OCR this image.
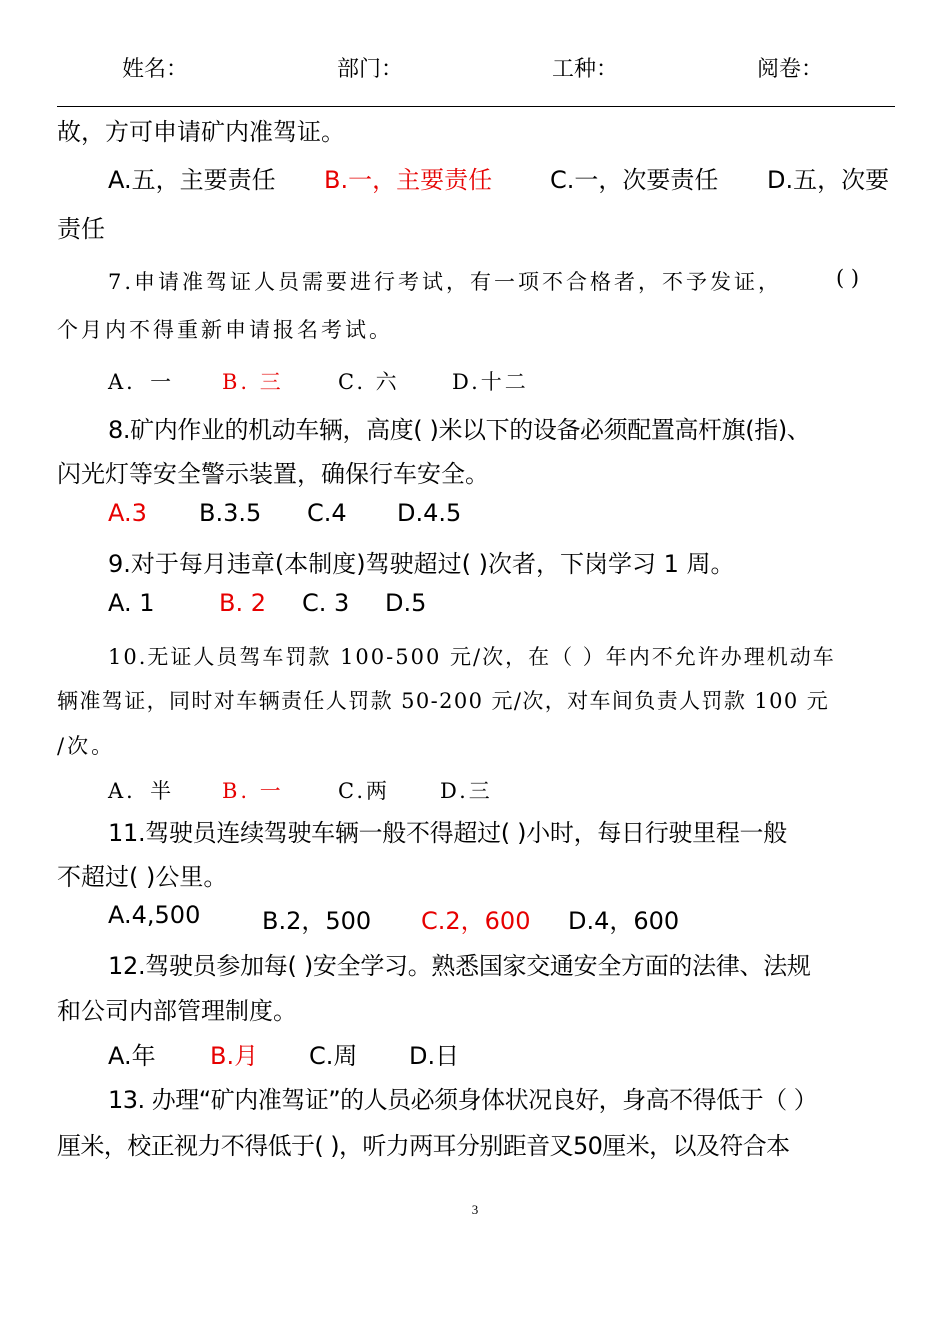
姓名：	部门：	工种：	阅卷：
故，方可申请矿内准驾证。
A.五，主要责任 B.一，主要责任 C.一，次要责任 D.五，次要
责任
7.申请准驾证人员需要进行考试，有一项不合格者，不予发证，	( )
个月内不得重新申请报名考试。
A．一 B. 三	C. 六 D.十二
8.矿内作业的机动车辆，高度( )米以下的设备必须配置高杆旗(指)、
闪光灯等安全警示装置，确保行车安全。
A.3 B.3.5 C.4 D.4.5
9.对于每月违章(本制度)驾驶超过( )次者，下岗学习 1 周。
A. 1	B. 2 C. 3 D.5
10.无证人员驾车罚款 100-500 元/次，在（ ）年内不允许办理机动车
辆准驾证，同时对车辆责任人罚款 50-200 元/次，对车间负责人罚款 100 元
/次。
A．半 B. 一	C.两 D.三
11.驾驶员连续驾驶车辆一般不得超过( )小时，每日行驶里程一般
不超过( )公里。
A.4,500	B.2，500 C.2，600 D.4，600
12.驾驶员参加每( )安全学习。熟悉国家交通安全方面的法律、法规
和公司内部管理制度。
A.年 B.月 C.周 D.日
13. 办理“矿内准驾证”的人员必须身体状况良好，身高不得低于（ ）
厘米，校正视力不得低于( )，听力两耳分别距音叉50厘米，以及符合本
3
